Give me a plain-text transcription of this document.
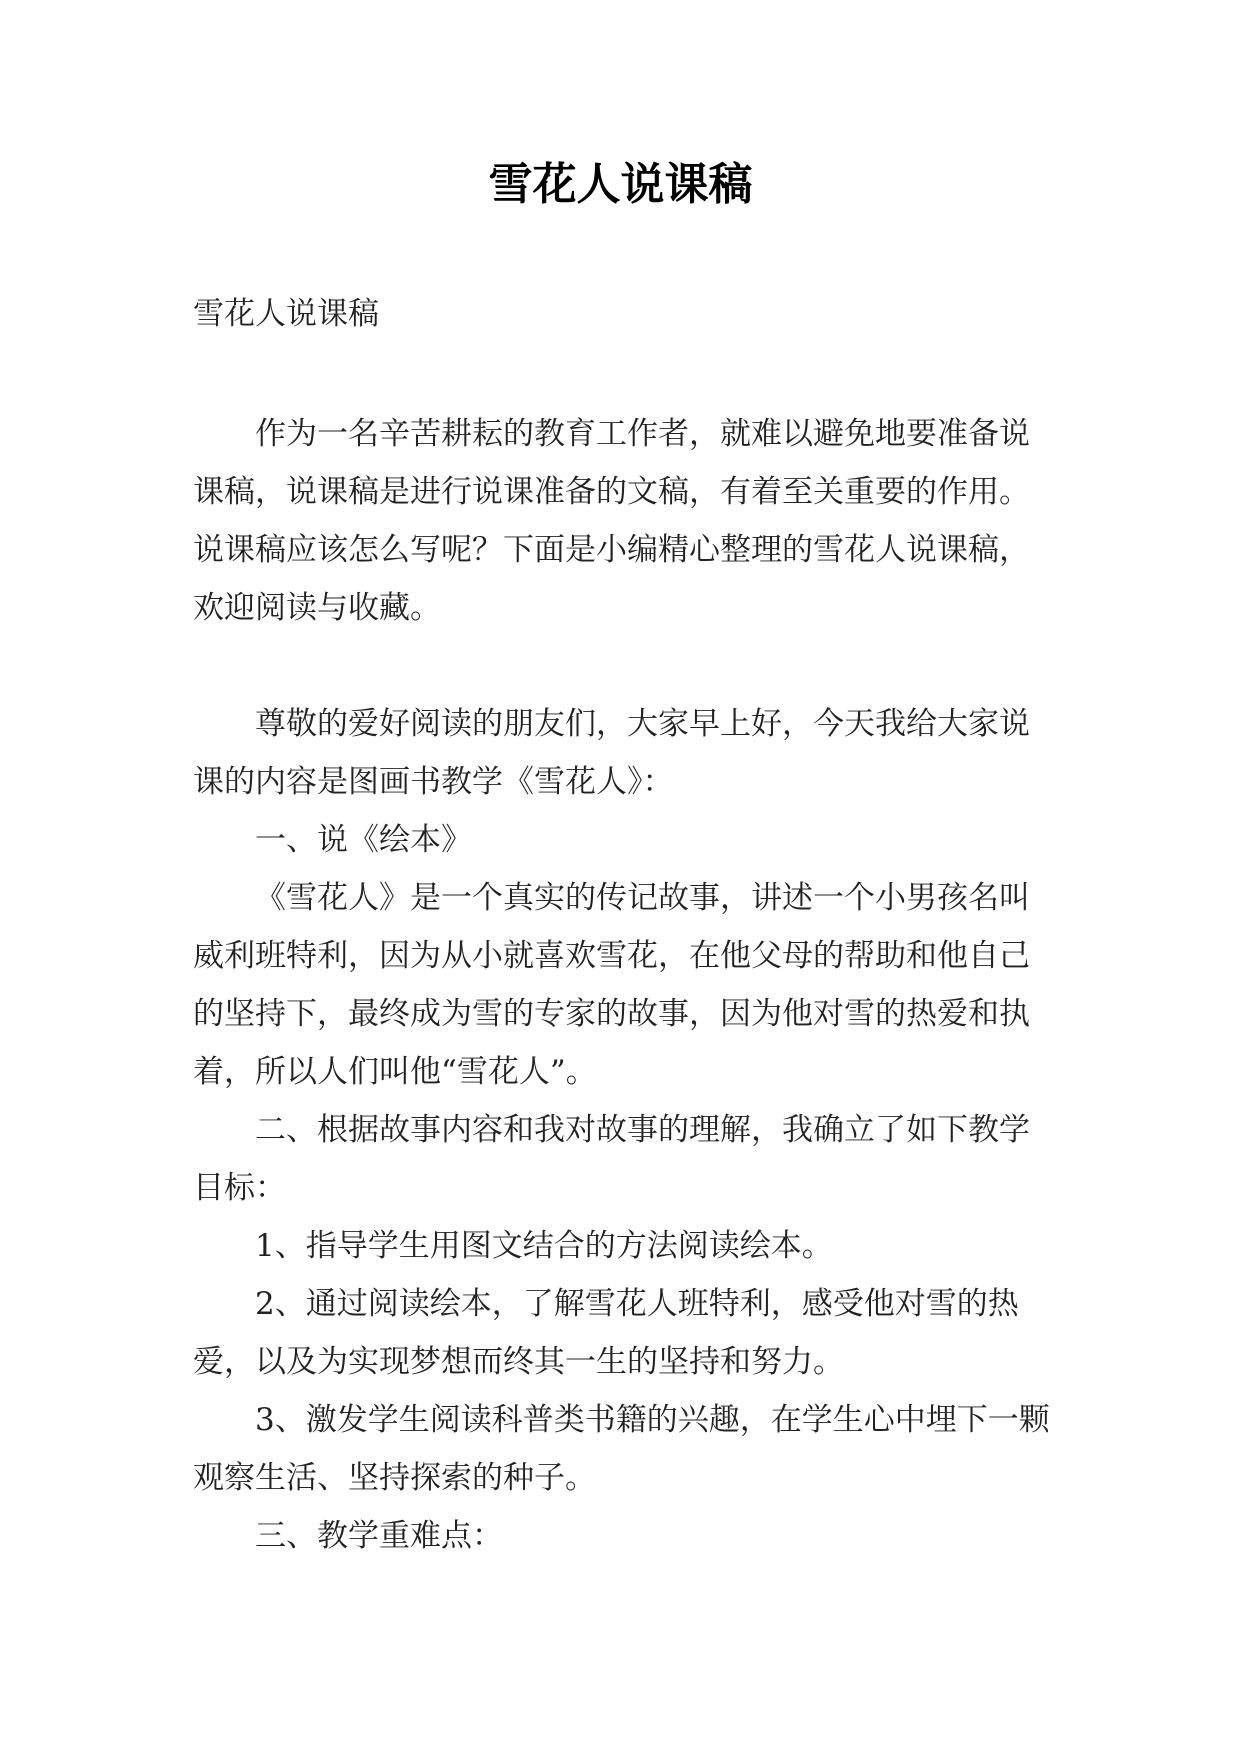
雪花人说课稿
雪花人说课稿

作为一名辛苦耕耘的教育工作者，就难以避免地要准备说课稿，说课稿是进行说课准备的文稿，有着至关重要的作用。说课稿应该怎么写呢？下面是小编精心整理的雪花人说课稿，欢迎阅读与收藏。

尊敬的爱好阅读的朋友们，大家早上好，今天我给大家说课的内容是图画书教学《雪花人》：

一、说《绘本》

《雪花人》是一个真实的传记故事，讲述一个小男孩名叫威利班特利，因为从小就喜欢雪花，在他父母的帮助和他自己的坚持下，最终成为雪的专家的故事，因为他对雪的热爱和执着，所以人们叫他“雪花人”。

二、根据故事内容和我对故事的理解，我确立了如下教学目标：

1、指导学生用图文结合的方法阅读绘本。

2、通过阅读绘本，了解雪花人班特利，感受他对雪的热爱，以及为实现梦想而终其一生的坚持和努力。

3、激发学生阅读科普类书籍的兴趣，在学生心中埋下一颗观察生活、坚持探索的种子。

三、教学重难点：
